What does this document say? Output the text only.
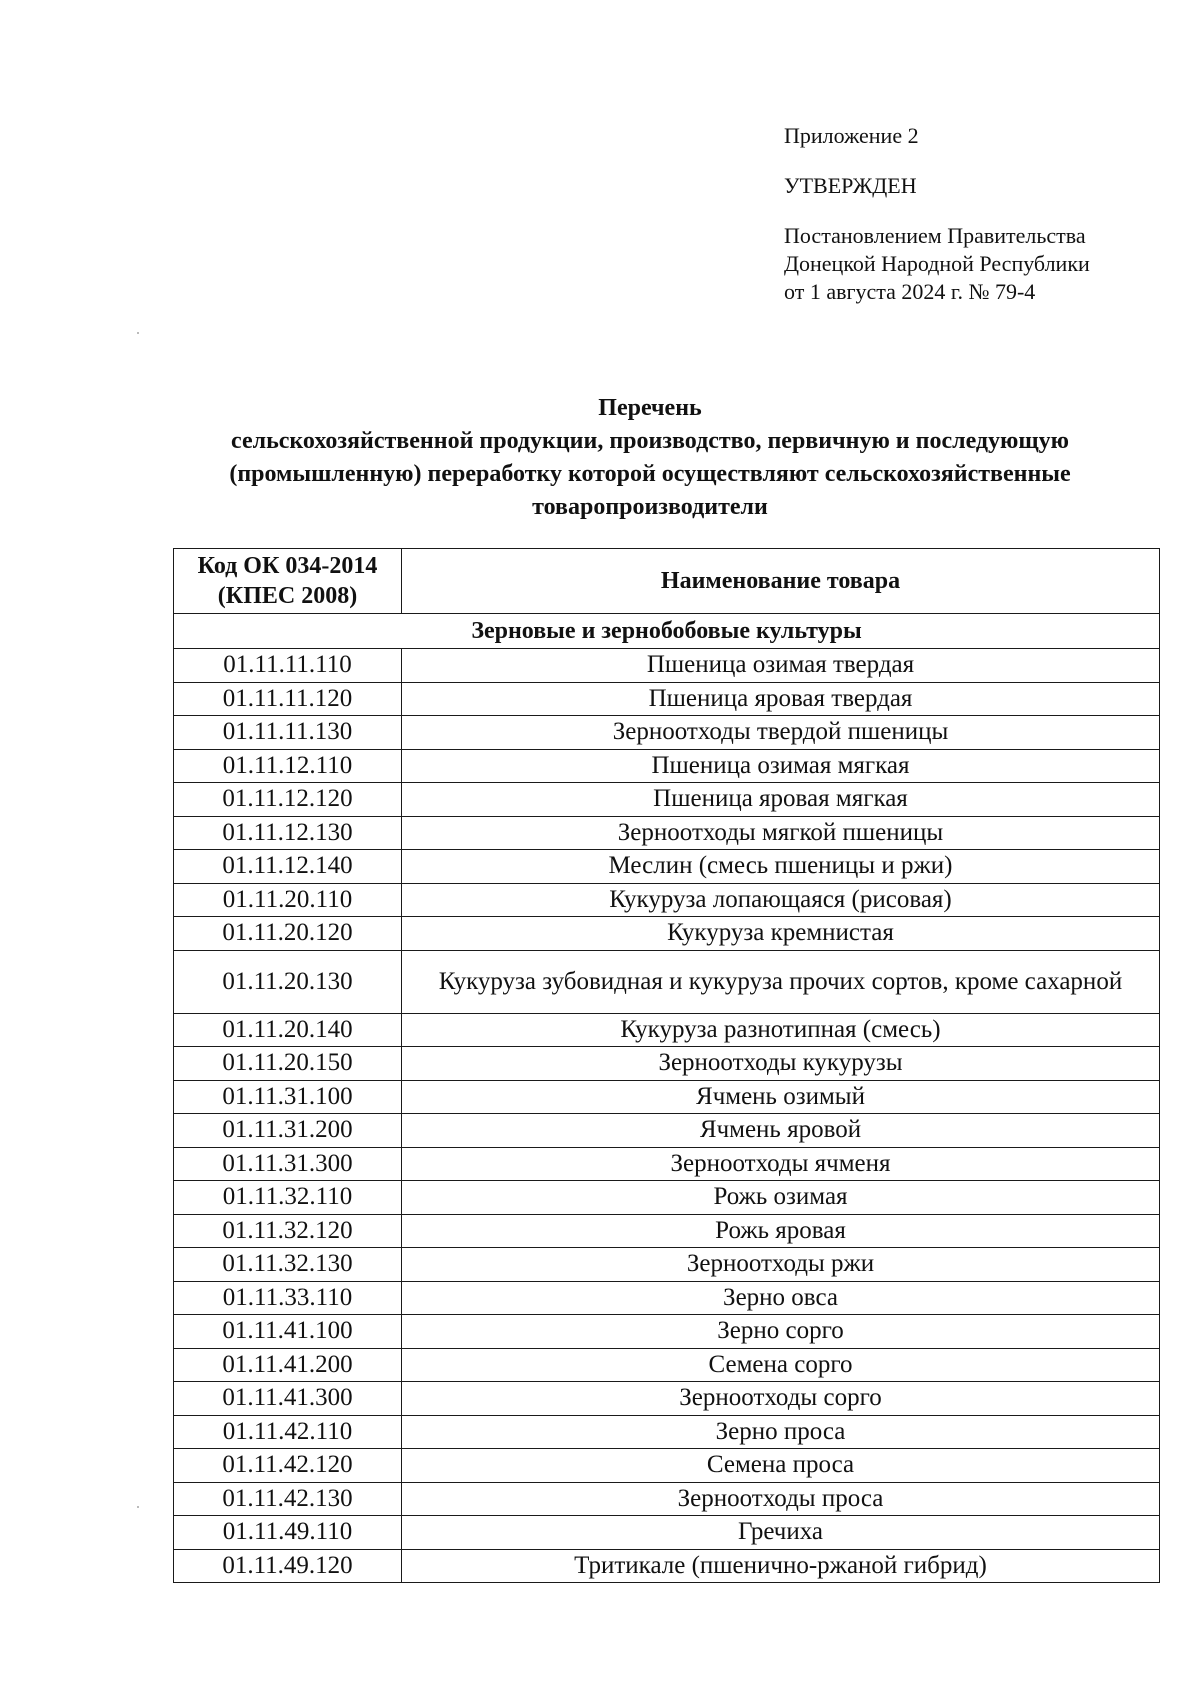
Приложение 2
УТВЕРЖДЕН
Постановлением Правительства
Донецкой Народной Республики
от 1 августа 2024 г. № 79-4
Перечень
сельскохозяйственной продукции, производство, первичную и последующую
(промышленную) переработку которой осуществляют сельскохозяйственные
товаропроизводители
Код ОК 034-2014
(КПЕС 2008)	Наименование товара
Зерновые и зернобобовые культуры	
01.11.11.110	Пшеница озимая твердая
01.11.11.120	Пшеница яровая твердая
01.11.11.130	Зерноотходы твердой пшеницы
01.11.12.110	Пшеница озимая мягкая
01.11.12.120	Пшеница яровая мягкая
01.11.12.130	Зерноотходы мягкой пшеницы
01.11.12.140	Меслин (смесь пшеницы и ржи)
01.11.20.110	Кукуруза лопающаяся (рисовая)
01.11.20.120	Кукуруза кремнистая
01.11.20.130	Кукуруза зубовидная и кукуруза прочих сортов, кроме сахарной
01.11.20.140	Кукуруза разнотипная (смесь)
01.11.20.150	Зерноотходы кукурузы
01.11.31.100	Ячмень озимый
01.11.31.200	Ячмень яровой
01.11.31.300	Зерноотходы ячменя
01.11.32.110	Рожь озимая
01.11.32.120	Рожь яровая
01.11.32.130	Зерноотходы ржи
01.11.33.110	Зерно овса
01.11.41.100	Зерно сорго
01.11.41.200	Семена сорго
01.11.41.300	Зерноотходы сорго
01.11.42.110	Зерно проса
01.11.42.120	Семена проса
01.11.42.130	Зерноотходы проса
01.11.49.110	Гречиха
01.11.49.120	Тритикале (пшенично-ржаной гибрид)
